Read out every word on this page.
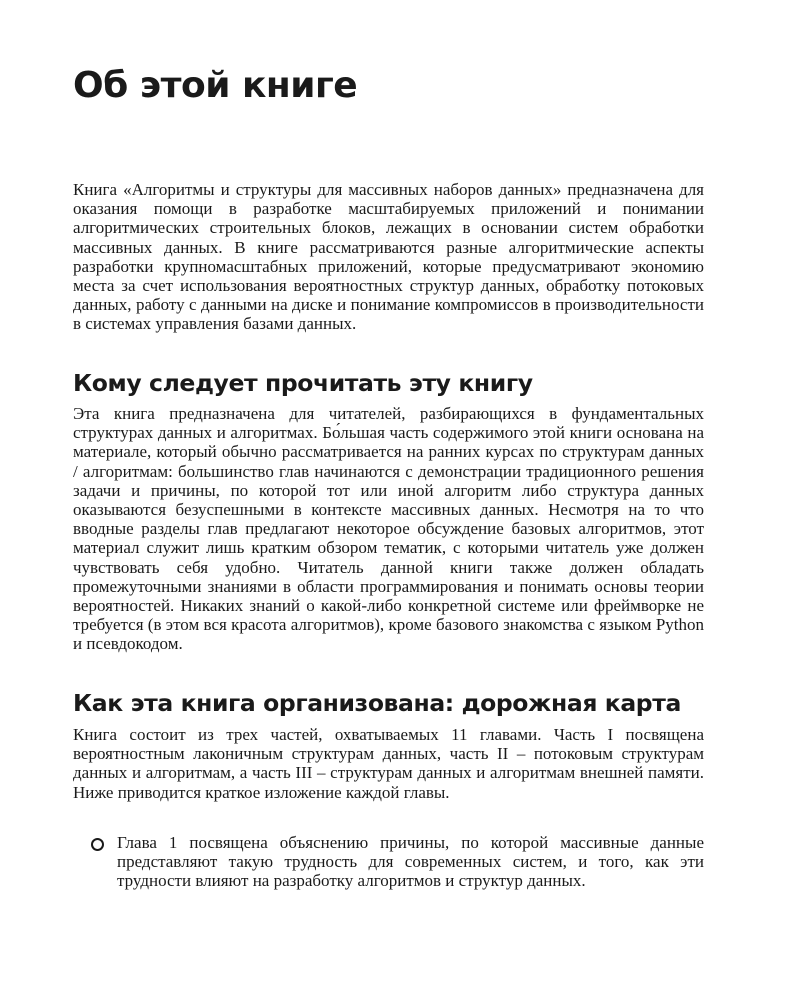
Об этой книге

Книга «Алгоритмы и структуры для массивных наборов данных» предназначена для оказания помощи в разработке масштабируемых приложений и понимании алгоритмических строительных блоков, лежащих в основании систем обработки массивных данных. В книге рассматриваются разные алгоритмические аспекты разработки крупномасштабных приложений, которые предусматривают экономию места за счет использования вероятностных структур данных, обработку потоковых данных, работу с данными на диске и понимание компромиссов в производительности в системах управления базами данных.

Кому следует прочитать эту книгу

Эта книга предназначена для читателей, разбирающихся в фундаментальных структурах данных и алгоритмах. Бо́льшая часть содержимого этой книги основана на материале, который обычно рассматривается на ранних курсах по структурам данных / алгоритмам: большинство глав начинаются с демонстрации традиционного решения задачи и причины, по которой тот или иной алгоритм либо структура данных оказываются безуспешными в контексте массивных данных. Несмотря на то что вводные разделы глав предлагают некоторое обсуждение базовых алгоритмов, этот материал служит лишь кратким обзором тематик, с которыми читатель уже должен чувствовать себя удобно. Читатель данной книги также должен обладать промежуточными знаниями в области программирования и понимать основы теории вероятностей. Никаких знаний о какой-либо конкретной системе или фреймворке не требуется (в этом вся красота алгоритмов), кроме базового знакомства с языком Python и псевдокодом.

Как эта книга организована: дорожная карта

Книга состоит из трех частей, охватываемых 11 главами. Часть I посвящена вероятностным лаконичным структурам данных, часть II – потоковым структурам данных и алгоритмам, а часть III – структурам данных и алгоритмам внешней памяти. Ниже приводится краткое изложение каждой главы.

Глава 1 посвящена объяснению причины, по которой массивные данные представляют такую трудность для современных систем, и того, как эти трудности влияют на разработку алгоритмов и структур данных.
